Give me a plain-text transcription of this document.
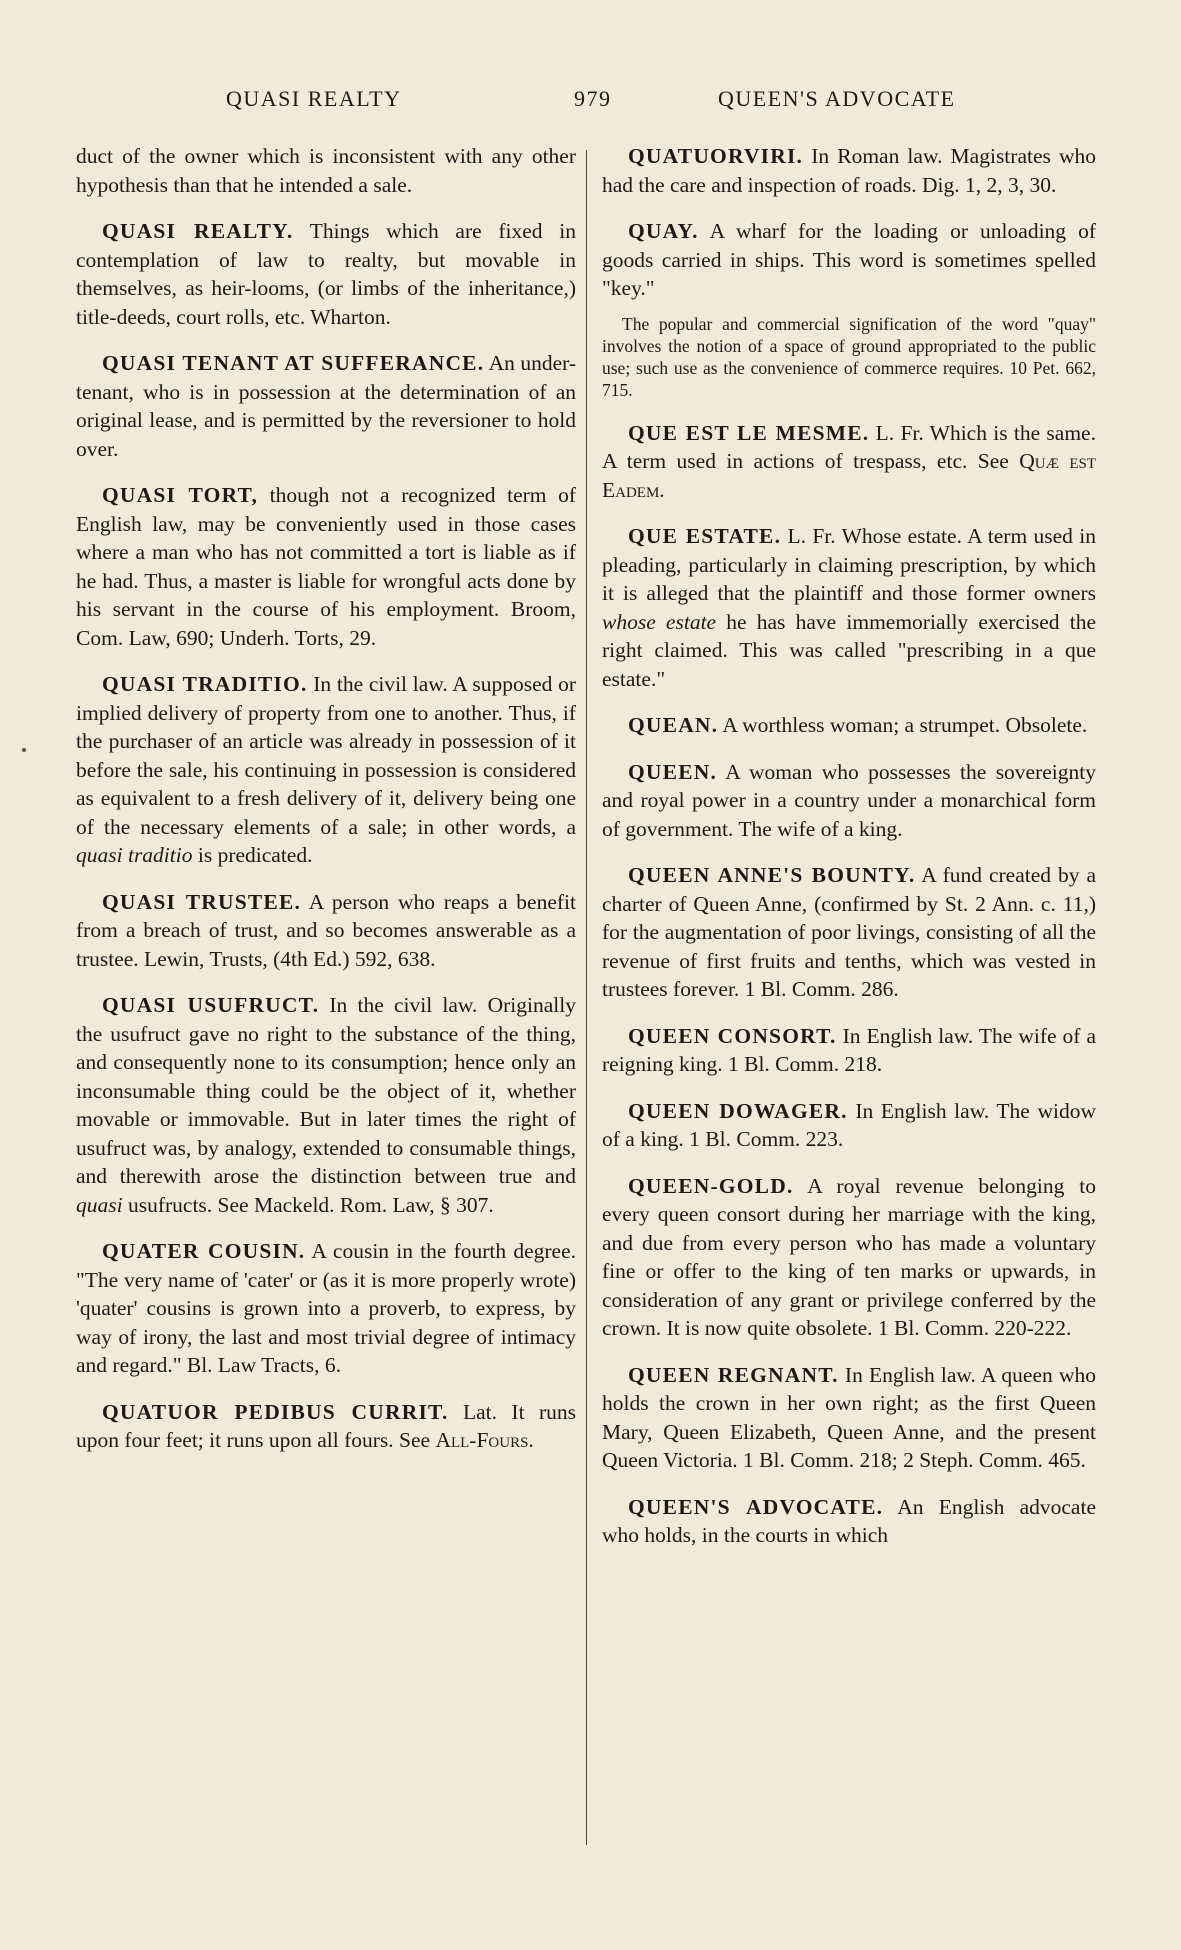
QUASI REALTY	979	QUEEN'S ADVOCATE

duct of the owner which is inconsistent with any other hypothesis than that he intended a sale.

QUASI REALTY. Things which are fixed in contemplation of law to realty, but movable in themselves, as heir-looms, (or limbs of the inheritance,) title-deeds, court rolls, etc. Wharton.

QUASI TENANT AT SUFFERANCE. An under-tenant, who is in possession at the determination of an original lease, and is permitted by the reversioner to hold over.

QUASI TORT, though not a recognized term of English law, may be conveniently used in those cases where a man who has not committed a tort is liable as if he had. Thus, a master is liable for wrongful acts done by his servant in the course of his employment. Broom, Com. Law, 690; Underh. Torts, 29.

QUASI TRADITIO. In the civil law. A supposed or implied delivery of property from one to another. Thus, if the purchaser of an article was already in possession of it before the sale, his continuing in possession is considered as equivalent to a fresh delivery of it, delivery being one of the necessary elements of a sale; in other words, a quasi traditio is predicated.

QUASI TRUSTEE. A person who reaps a benefit from a breach of trust, and so becomes answerable as a trustee. Lewin, Trusts, (4th Ed.) 592, 638.

QUASI USUFRUCT. In the civil law. Originally the usufruct gave no right to the substance of the thing, and consequently none to its consumption; hence only an inconsumable thing could be the object of it, whether movable or immovable. But in later times the right of usufruct was, by analogy, extended to consumable things, and therewith arose the distinction between true and quasi usufructs. See Mackeld. Rom. Law, § 307.

QUATER COUSIN. A cousin in the fourth degree. "The very name of 'cater' or (as it is more properly wrote) 'quater' cousins is grown into a proverb, to express, by way of irony, the last and most trivial degree of intimacy and regard." Bl. Law Tracts, 6.

QUATUOR PEDIBUS CURRIT. Lat. It runs upon four feet; it runs upon all fours. See All-Fours.

QUATUORVIRI. In Roman law. Magistrates who had the care and inspection of roads. Dig. 1, 2, 3, 30.

QUAY. A wharf for the loading or unloading of goods carried in ships. This word is sometimes spelled "key."

The popular and commercial signification of the word "quay" involves the notion of a space of ground appropriated to the public use; such use as the convenience of commerce requires. 10 Pet. 662, 715.

QUE EST LE MESME. L. Fr. Which is the same. A term used in actions of trespass, etc. See Quæ est Eadem.

QUE ESTATE. L. Fr. Whose estate. A term used in pleading, particularly in claiming prescription, by which it is alleged that the plaintiff and those former owners whose estate he has have immemorially exercised the right claimed. This was called "prescribing in a que estate."

QUEAN. A worthless woman; a strumpet. Obsolete.

QUEEN. A woman who possesses the sovereignty and royal power in a country under a monarchical form of government. The wife of a king.

QUEEN ANNE'S BOUNTY. A fund created by a charter of Queen Anne, (confirmed by St. 2 Ann. c. 11,) for the augmentation of poor livings, consisting of all the revenue of first fruits and tenths, which was vested in trustees forever. 1 Bl. Comm. 286.

QUEEN CONSORT. In English law. The wife of a reigning king. 1 Bl. Comm. 218.

QUEEN DOWAGER. In English law. The widow of a king. 1 Bl. Comm. 223.

QUEEN-GOLD. A royal revenue belonging to every queen consort during her marriage with the king, and due from every person who has made a voluntary fine or offer to the king of ten marks or upwards, in consideration of any grant or privilege conferred by the crown. It is now quite obsolete. 1 Bl. Comm. 220-222.

QUEEN REGNANT. In English law. A queen who holds the crown in her own right; as the first Queen Mary, Queen Elizabeth, Queen Anne, and the present Queen Victoria. 1 Bl. Comm. 218; 2 Steph. Comm. 465.

QUEEN'S ADVOCATE. An English advocate who holds, in the courts in which
